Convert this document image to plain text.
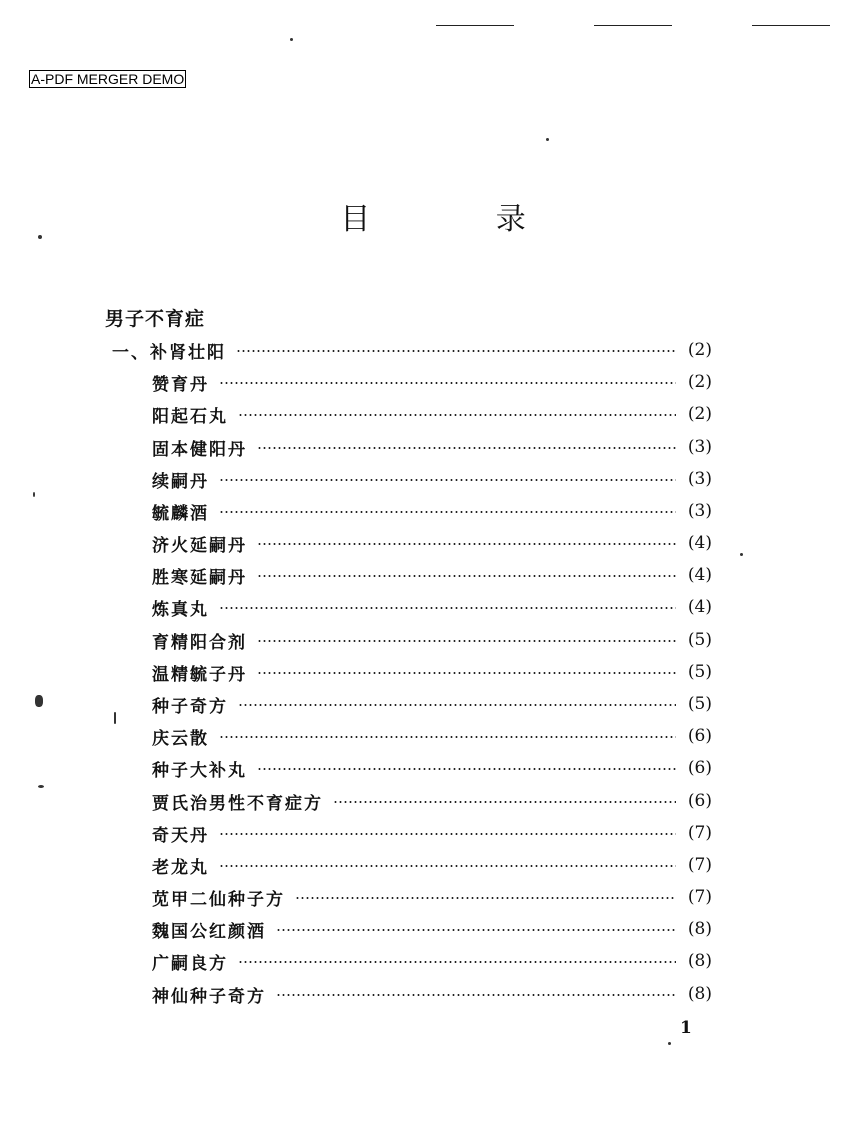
A-PDF MERGER DEMO
目 录
男子不育症
一、补肾壮阳	(2)
赞育丹	(2)
阳起石丸	(2)
固本健阳丹	(3)
续嗣丹	(3)
毓麟酒	(3)
济火延嗣丹	(4)
胜寒延嗣丹	(4)
炼真丸	(4)
育精阳合剂	(5)
温精毓子丹	(5)
种子奇方	(5)
庆云散	(6)
种子大补丸	(6)
贾氏治男性不育症方	(6)
奇天丹	(7)
老龙丸	(7)
苋甲二仙种子方	(7)
魏国公红颜酒	(8)
广嗣良方	(8)
神仙种子奇方	(8)
1
